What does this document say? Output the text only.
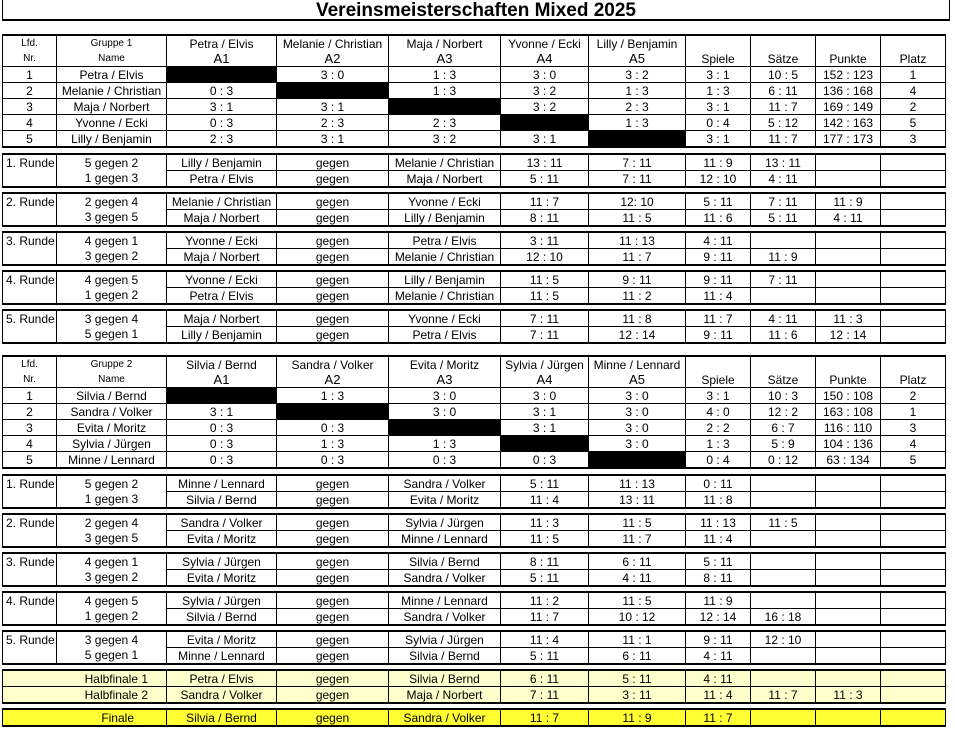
Vereinsmeisterschaften Mixed 2025
Lfd.	Gruppe 1	Petra / Elvis	Melanie / Christian	Maja / Norbert	Yvonne / Ecki	Lilly / Benjamin				
Nr.	Name	A1	A2	A3	A4	A5	Spiele	Sätze	Punkte	Platz
1	Petra / Elvis		3 : 0	1 : 3	3 : 0	3 : 2	3 : 1	10 : 5	152 : 123	1
2	Melanie / Christian	0 : 3		1 : 3	3 : 2	1 : 3	1 : 3	6 : 11	136 : 168	4
3	Maja / Norbert	3 : 1	3 : 1		3 : 2	2 : 3	3 : 1	11 : 7	169 : 149	2
4	Yvonne / Ecki	0 : 3	2 : 3	2 : 3		1 : 3	0 : 4	5 : 12	142 : 163	5
5	Lilly / Benjamin	2 : 3	3 : 1	3 : 2	3 : 1		3 : 1	11 : 7	177 : 173	3
1. Runde	5 gegen 2	Lilly / Benjamin	gegen	Melanie / Christian	13 : 11	7 : 11	11 : 9	13 : 11		
	1 gegen 3	Petra / Elvis	gegen	Maja / Norbert	5 : 11	7 : 11	12 : 10	4 : 11		
2. Runde	2 gegen 4	Melanie / Christian	gegen	Yvonne / Ecki	11 : 7	12: 10	5 : 11	7 : 11	11 : 9	
	3 gegen 5	Maja / Norbert	gegen	Lilly / Benjamin	8 : 11	11 : 5	11 : 6	5 : 11	4 : 11	
3. Runde	4 gegen 1	Yvonne / Ecki	gegen	Petra / Elvis	3 : 11	11 : 13	4 : 11			
	3 gegen 2	Maja / Norbert	gegen	Melanie / Christian	12 : 10	11 : 7	9 : 11	11 : 9		
4. Runde	4 gegen 5	Yvonne / Ecki	gegen	Lilly / Benjamin	11 : 5	9 : 11	9 : 11	7 : 11		
	1 gegen 2	Petra / Elvis	gegen	Melanie / Christian	11 : 5	11 : 2	11 : 4			
5. Runde	3 gegen 4	Maja / Norbert	gegen	Yvonne / Ecki	7 : 11	11 : 8	11 : 7	4 : 11	11 : 3	
	5 gegen 1	Lilly / Benjamin	gegen	Petra / Elvis	7 : 11	12 : 14	9 : 11	11 : 6	12 : 14	
Lfd.	Gruppe 2	Silvia / Bernd	Sandra / Volker	Evita / Moritz	Sylvia / Jürgen	Minne / Lennard				
Nr.	Name	A1	A2	A3	A4	A5	Spiele	Sätze	Punkte	Platz
1	Silvia / Bernd		1 : 3	3 : 0	3 : 0	3 : 0	3 : 1	10 : 3	150 : 108	2
2	Sandra / Volker	3 : 1		3 : 0	3 : 1	3 : 0	4 : 0	12 : 2	163 : 108	1
3	Evita / Moritz	0 : 3	0 : 3		3 : 1	3 : 0	2 : 2	6 : 7	116 : 110	3
4	Sylvia / Jürgen	0 : 3	1 : 3	1 : 3		3 : 0	1 : 3	5 : 9	104 : 136	4
5	Minne / Lennard	0 : 3	0 : 3	0 : 3	0 : 3		0 : 4	0 : 12	63 : 134	5
1. Runde	5 gegen 2	Minne / Lennard	gegen	Sandra / Volker	5 : 11	11 : 13	0 : 11			
	1 gegen 3	Silvia / Bernd	gegen	Evita / Moritz	11 : 4	13 : 11	11 : 8			
2. Runde	2 gegen 4	Sandra / Volker	gegen	Sylvia / Jürgen	11 : 3	11 : 5	11 : 13	11 : 5		
	3 gegen 5	Evita / Moritz	gegen	Minne / Lennard	11 : 5	11 : 7	11 : 4			
3. Runde	4 gegen 1	Sylvia / Jürgen	gegen	Silvia / Bernd	8 : 11	6 : 11	5 : 11			
	3 gegen 2	Evita / Moritz	gegen	Sandra / Volker	5 : 11	4 : 11	8 : 11			
4. Runde	4 gegen 5	Sylvia / Jürgen	gegen	Minne / Lennard	11 : 2	11 : 5	11 : 9			
	1 gegen 2	Silvia / Bernd	gegen	Sandra / Volker	11 : 7	10 : 12	12 : 14	16 : 18		
5. Runde	3 gegen 4	Evita / Moritz	gegen	Sylvia / Jürgen	11 : 4	11 : 1	9 : 11	12 : 10		
	5 gegen 1	Minne / Lennard	gegen	Silvia / Bernd	5 : 11	6 : 11	4 : 11			
Halbfinale 1	Petra / Elvis	gegen	Silvia / Bernd	6 : 11	5 : 11	4 : 11			
Halbfinale 2	Sandra / Volker	gegen	Maja / Norbert	7 : 11	3 : 11	11 : 4	11 : 7	11 : 3	
Finale	Silvia / Bernd	gegen	Sandra / Volker	11 : 7	11 : 9	11 : 7			
